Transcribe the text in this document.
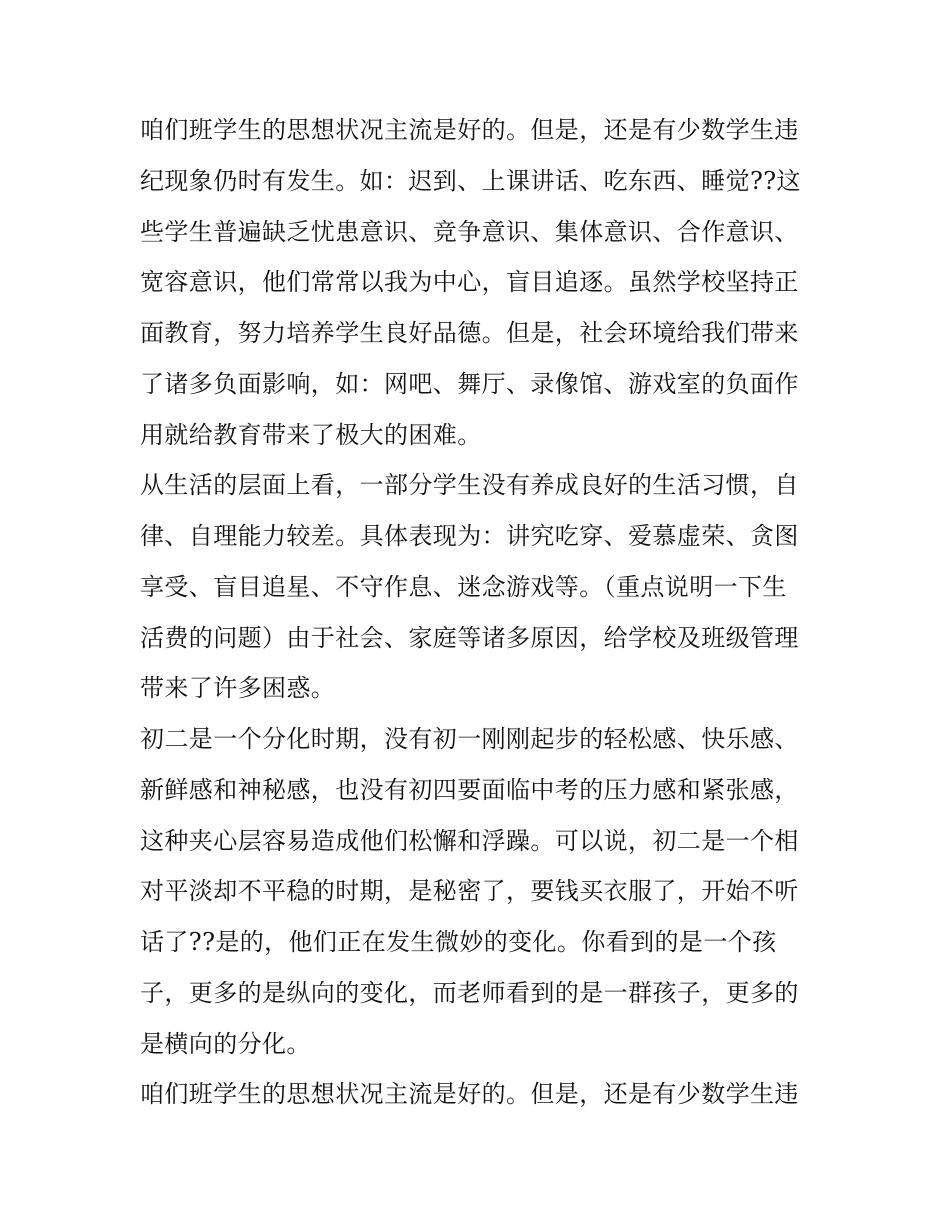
咱们班学生的思想状况主流是好的。但是，还是有少数学生违
纪现象仍时有发生。如：迟到、上课讲话、吃东西、睡觉??这
些学生普遍缺乏忧患意识、竞争意识、集体意识、合作意识、
宽容意识，他们常常以我为中心，盲目追逐。虽然学校坚持正
面教育，努力培养学生良好品德。但是，社会环境给我们带来
了诸多负面影响，如：网吧、舞厅、录像馆、游戏室的负面作
用就给教育带来了极大的困难。
从生活的层面上看，一部分学生没有养成良好的生活习惯，自
律、自理能力较差。具体表现为：讲究吃穿、爱慕虚荣、贪图
享受、盲目追星、不守作息、迷念游戏等。（重点说明一下生
活费的问题）由于社会、家庭等诸多原因，给学校及班级管理
带来了许多困惑。
初二是一个分化时期，没有初一刚刚起步的轻松感、快乐感、
新鲜感和神秘感，也没有初四要面临中考的压力感和紧张感，
这种夹心层容易造成他们松懈和浮躁。可以说，初二是一个相
对平淡却不平稳的时期，是秘密了，要钱买衣服了，开始不听
话了??是的，他们正在发生微妙的变化。你看到的是一个孩
子，更多的是纵向的变化，而老师看到的是一群孩子，更多的
是横向的分化。
咱们班学生的思想状况主流是好的。但是，还是有少数学生违
